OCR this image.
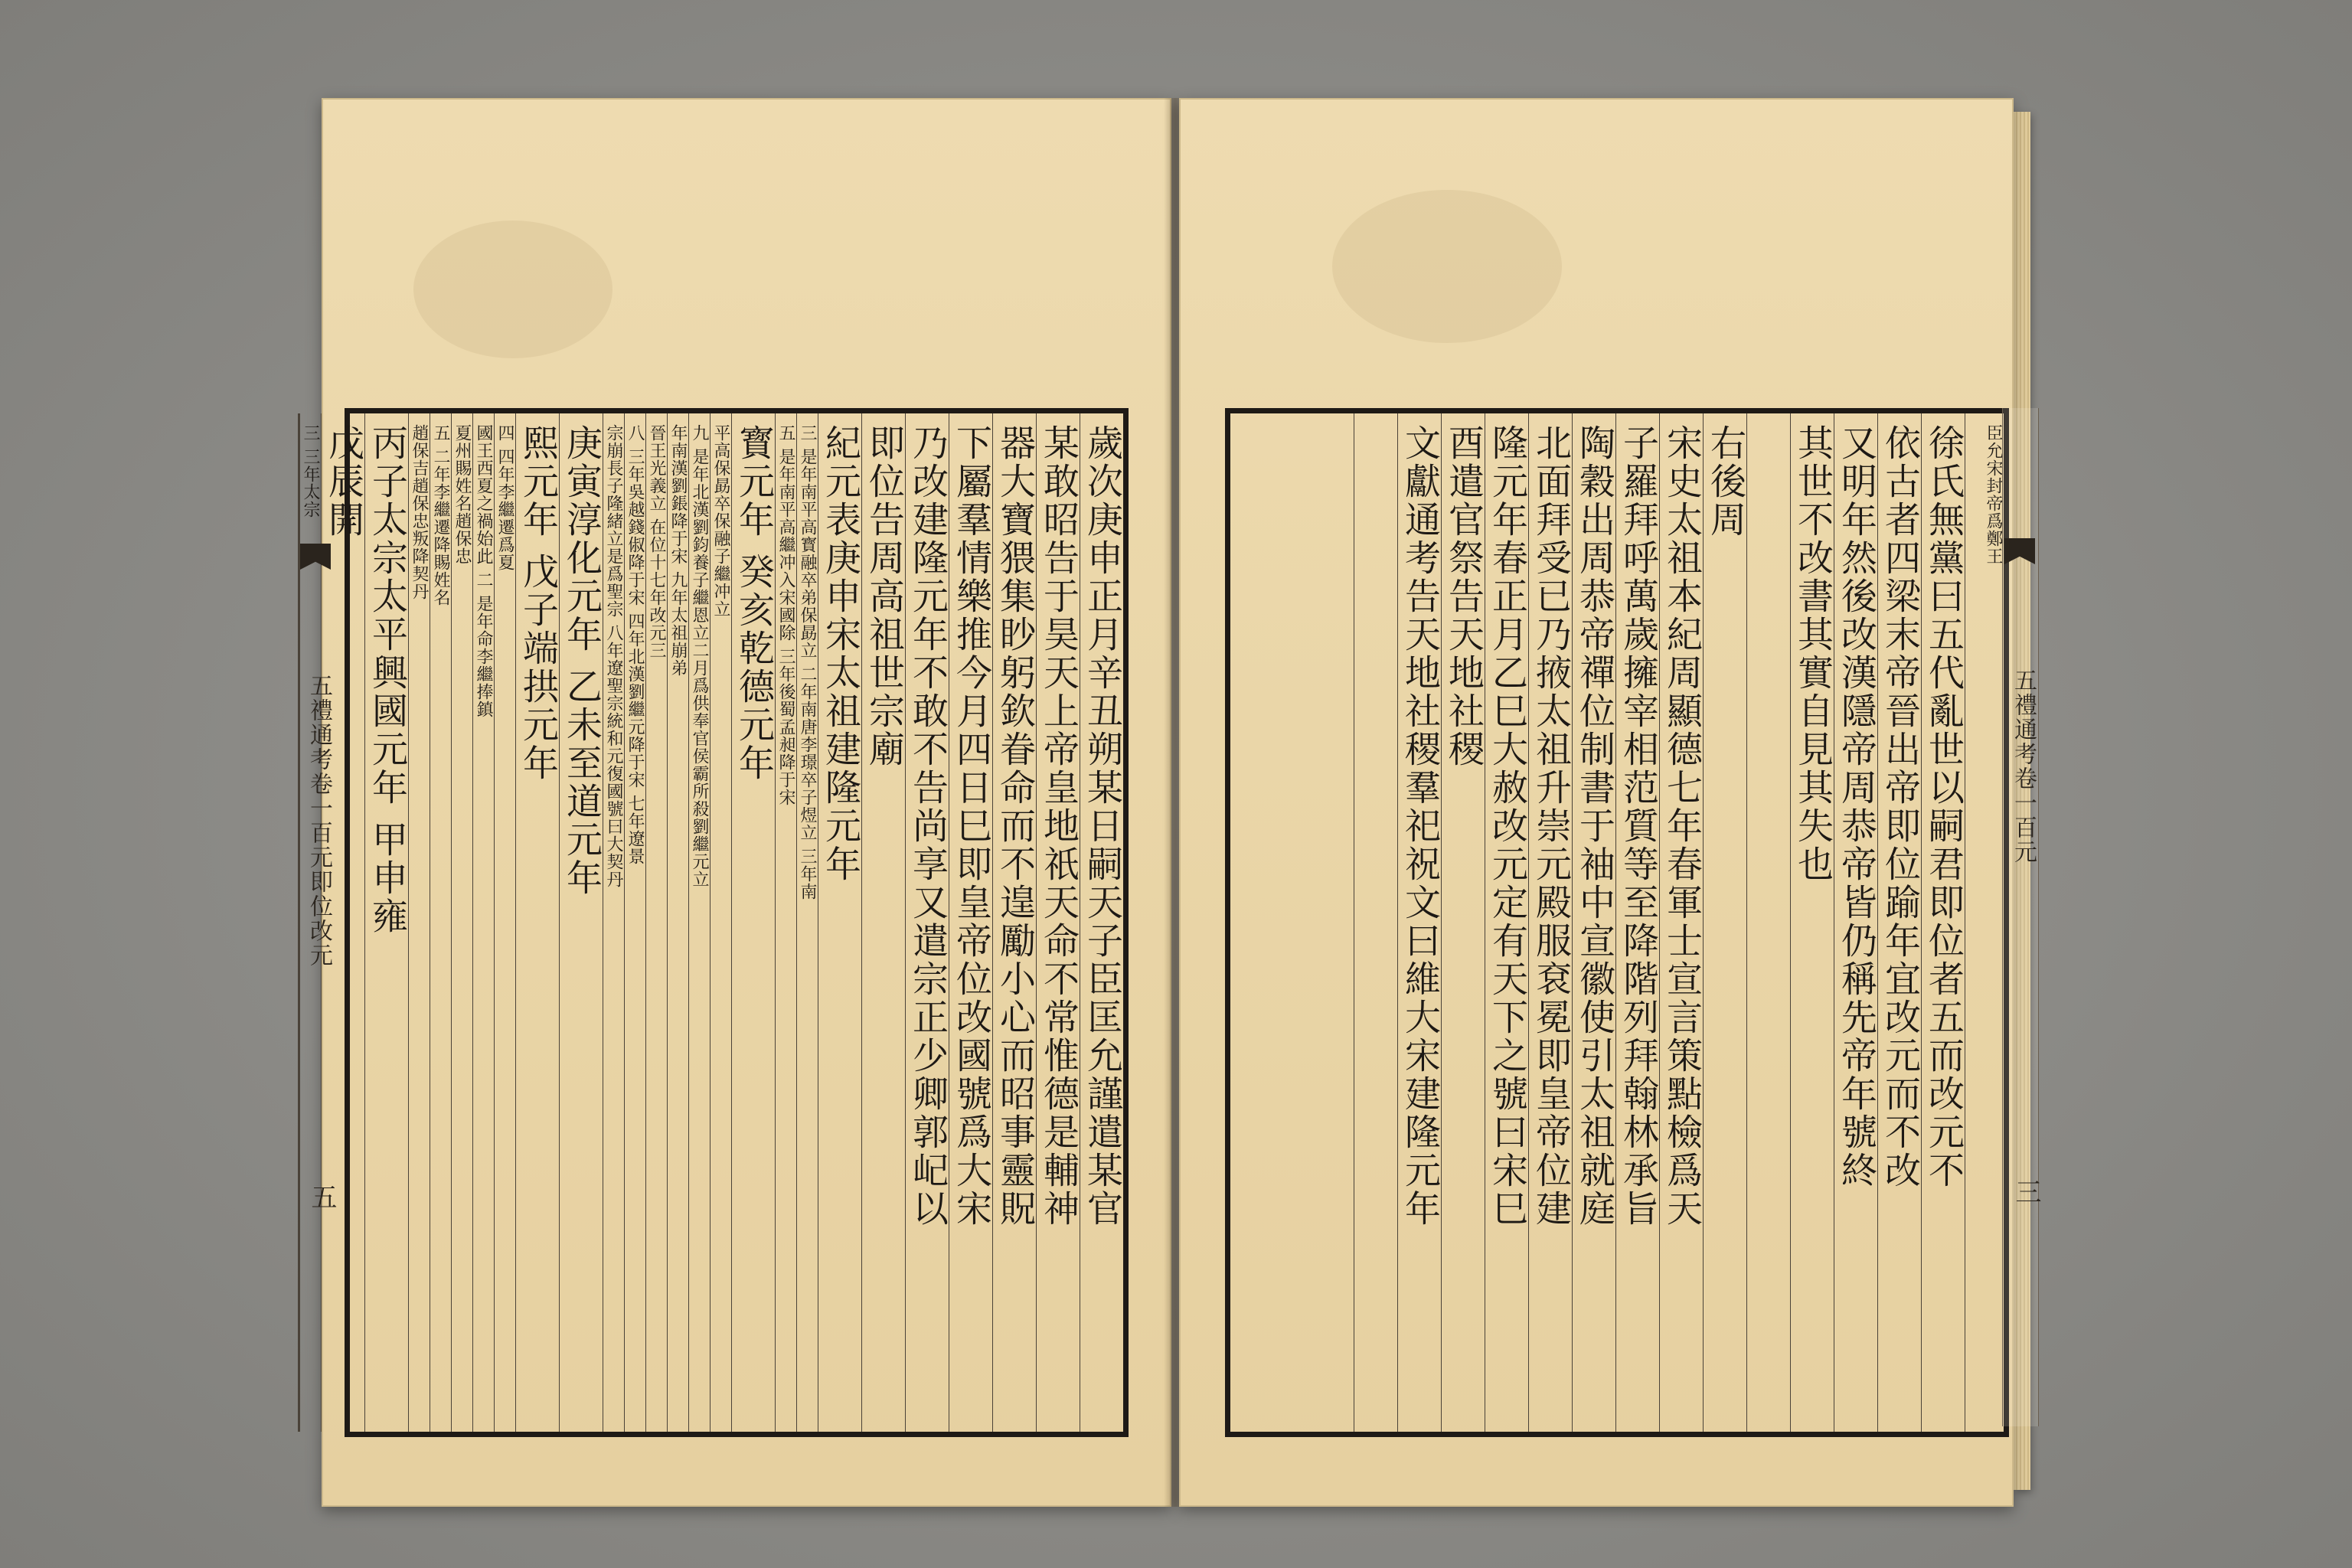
歲次庚申正月辛丑朔某日嗣天子臣匡允謹遣某官
某敢昭告于昊天上帝皇地祇天命不常惟德是輔神
器大寶猥集眇躬欽眷命而不遑勵小心而昭事靈貺
下屬羣情樂推今月四日巳即皇帝位改國號爲大宋
乃改建隆元年不敢不告尚享又遣宗正少卿郭屺以
即位告周高祖世宗廟
紀元表庚申宋太祖建隆元年
三 是年南平高寳融卒弟保勗立 二年南唐李璟卒子煜立 三年南
五 是年南平高繼冲入宋國除 三年後蜀孟昶降于宋
寳元年 癸亥乾德元年
平高保勗卒保融子繼冲立
九 是年北漢劉鈞養子繼恩立二月爲供奉官侯霸所殺劉繼元立
年南漢劉鋹降于宋 九年太祖崩弟
晉王光義立 在位十七年改元三
八 三年吳越錢俶降于宋 四年北漢劉繼元降于宋 七年遼景
宗崩長子隆緒立是爲聖宗 八年遼聖宗統和元復國號曰大契丹
庚寅淳化元年 乙未至道元年
熙元年 戊子端拱元年
四 四年李繼遷爲夏
國王西夏之禍始此 二 是年命李繼捧鎮
夏州賜姓名趙保忠
五 二年李繼遷降賜姓名
趙保吉趙保忠叛降契丹
丙子太宗太平興國元年 甲申雍
戊辰開
三 三年太宗
五禮通考卷一百元即位改元
五
臣允宋封帝爲鄭王
徐氏無黨曰五代亂世以嗣君即位者五而改元不
依古者四梁末帝晉出帝即位踰年宜改元而不改
又明年然後改漢隱帝周恭帝皆仍稱先帝年號終
其世不改書其實自見其失也
右後周
宋史太祖本紀周顯德七年春軍士宣言策點檢爲天
子羅拜呼萬歲擁宰相范質等至降階列拜翰林承旨
陶穀出周恭帝禪位制書于袖中宣徽使引太祖就庭
北面拜受已乃掖太祖升崇元殿服袞冕即皇帝位建
隆元年春正月乙巳大赦改元定有天下之號曰宋巳
酉遣官祭告天地社稷
文獻通考告天地社稷羣祀祝文曰維大宋建隆元年	五禮通考卷一百元
三
